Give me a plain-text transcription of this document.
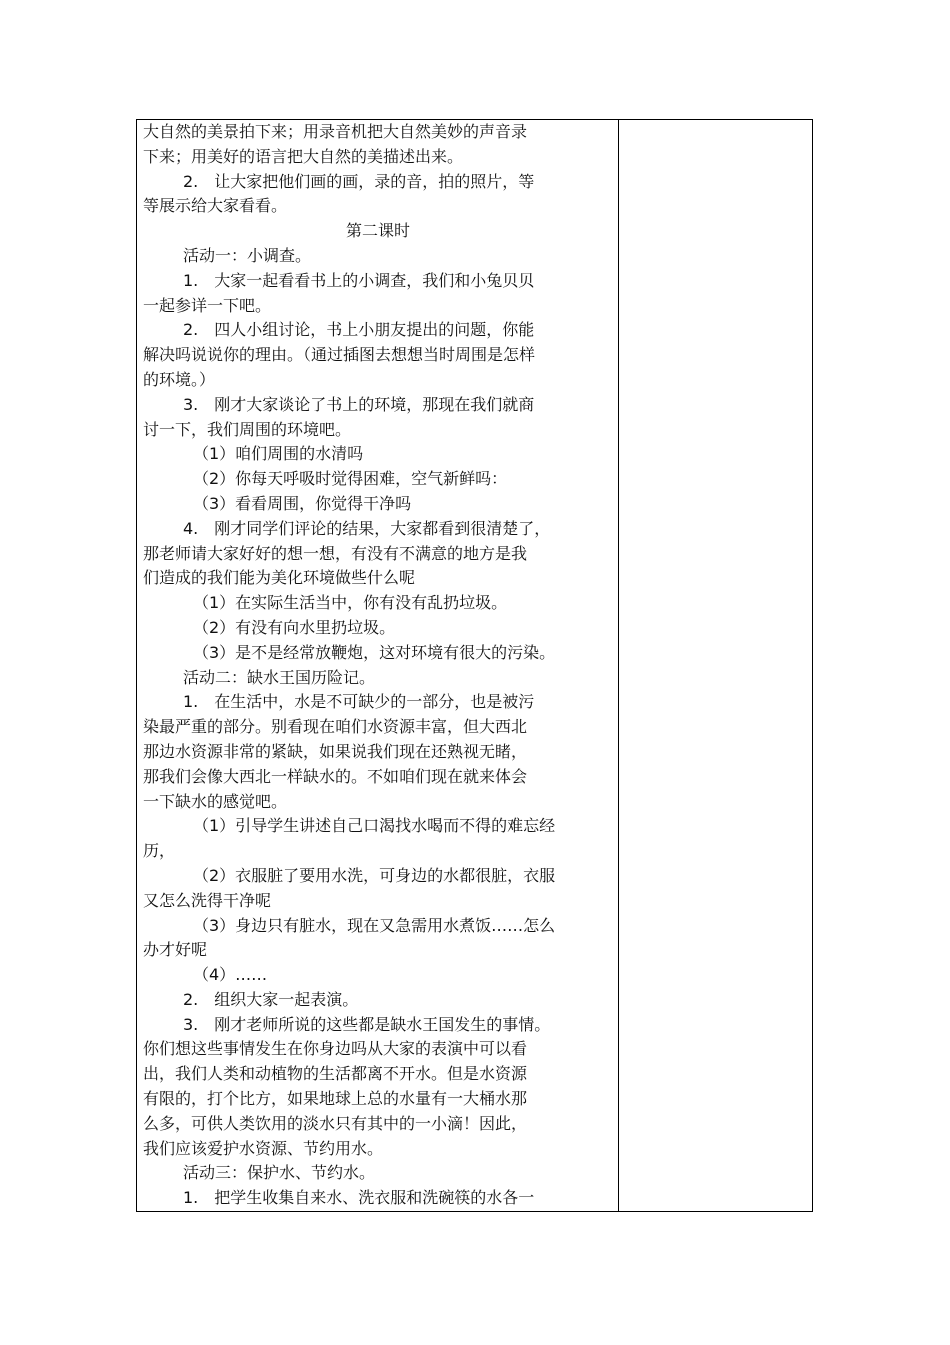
大自然的美景拍下来；用录音机把大自然美妙的声音录
下来；用美好的语言把大自然的美描述出来。
2.　让大家把他们画的画，录的音，拍的照片，等
等展示给大家看看。
第二课时
活动一：小调查。
1.　大家一起看看书上的小调查，我们和小兔贝贝
一起参详一下吧。
2.　四人小组讨论，书上小朋友提出的问题，你能
解决吗说说你的理由。（通过插图去想想当时周围是怎样
的环境。）
3.　刚才大家谈论了书上的环境，那现在我们就商
讨一下，我们周围的环境吧。
（1）咱们周围的水清吗
（2）你每天呼吸时觉得困难，空气新鲜吗：
（3）看看周围，你觉得干净吗
4.　刚才同学们评论的结果，大家都看到很清楚了，
那老师请大家好好的想一想，有没有不满意的地方是我
们造成的我们能为美化环境做些什么呢
（1）在实际生活当中，你有没有乱扔垃圾。
（2）有没有向水里扔垃圾。
（3）是不是经常放鞭炮，这对环境有很大的污染。
活动二：缺水王国历险记。
1.　在生活中，水是不可缺少的一部分，也是被污
染最严重的部分。别看现在咱们水资源丰富，但大西北
那边水资源非常的紧缺，如果说我们现在还熟视无睹，
那我们会像大西北一样缺水的。不如咱们现在就来体会
一下缺水的感觉吧。
（1）引导学生讲述自己口渴找水喝而不得的难忘经
历，
（2）衣服脏了要用水洗，可身边的水都很脏，衣服
又怎么洗得干净呢
（3）身边只有脏水，现在又急需用水煮饭……怎么
办才好呢
（4）……
2.　组织大家一起表演。
3.　刚才老师所说的这些都是缺水王国发生的事情。
你们想这些事情发生在你身边吗从大家的表演中可以看
出，我们人类和动植物的生活都离不开水。但是水资源
有限的，打个比方，如果地球上总的水量有一大桶水那
么多，可供人类饮用的淡水只有其中的一小滴！因此，
我们应该爱护水资源、节约用水。
活动三：保护水、节约水。
1.　把学生收集自来水、洗衣服和洗碗筷的水各一
